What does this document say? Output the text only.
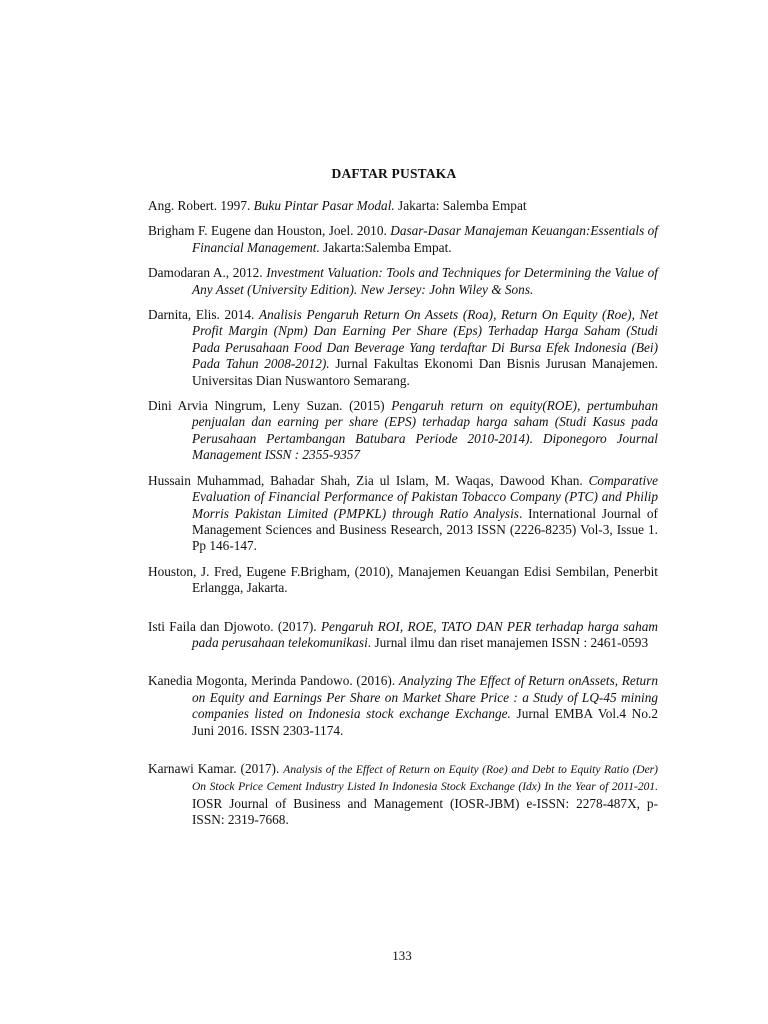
DAFTAR PUSTAKA

Ang. Robert. 1997. Buku Pintar Pasar Modal. Jakarta: Salemba Empat

Brigham F. Eugene dan Houston, Joel. 2010. Dasar-Dasar Manajeman Keuangan:Essentials of Financial Management. Jakarta:Salemba Empat.

Damodaran A., 2012. Investment Valuation: Tools and Techniques for Determining the Value of Any Asset (University Edition). New Jersey: John Wiley & Sons.

Darnita, Elis. 2014. Analisis Pengaruh Return On Assets (Roa), Return On Equity (Roe), Net Profit Margin (Npm) Dan Earning Per Share (Eps) Terhadap Harga Saham (Studi Pada Perusahaan Food Dan Beverage Yang terdaftar Di Bursa Efek Indonesia (Bei) Pada Tahun 2008-2012). Jurnal Fakultas Ekonomi Dan Bisnis Jurusan Manajemen. Universitas Dian Nuswantoro Semarang.

Dini Arvia Ningrum, Leny Suzan. (2015) Pengaruh return on equity(ROE), pertumbuhan penjualan dan earning per share (EPS) terhadap harga saham (Studi Kasus pada Perusahaan Pertambangan Batubara Periode 2010-2014). Diponegoro Journal Management ISSN : 2355-9357

Hussain Muhammad, Bahadar Shah, Zia ul Islam, M. Waqas, Dawood Khan. Comparative Evaluation of Financial Performance of Pakistan Tobacco Company (PTC) and Philip Morris Pakistan Limited (PMPKL) through Ratio Analysis. International Journal of Management Sciences and Business Research, 2013 ISSN (2226-8235) Vol-3, Issue 1. Pp 146-147.

Houston, J. Fred, Eugene F.Brigham, (2010), Manajemen Keuangan Edisi Sembilan, Penerbit Erlangga, Jakarta.

Isti Faila dan Djowoto. (2017). Pengaruh ROI, ROE, TATO DAN PER terhadap harga saham pada perusahaan telekomunikasi. Jurnal ilmu dan riset manajemen ISSN : 2461-0593

Kanedia Mogonta, Merinda Pandowo. (2016). Analyzing The Effect of Return onAssets, Return on Equity and Earnings Per Share on Market Share Price : a Study of LQ-45 mining companies listed on Indonesia stock exchange Exchange. Jurnal EMBA Vol.4 No.2 Juni 2016. ISSN 2303-1174.

Karnawi Kamar. (2017). Analysis of the Effect of Return on Equity (Roe) and Debt to Equity Ratio (Der) On Stock Price Cement Industry Listed In Indonesia Stock Exchange (Idx) In the Year of 2011-201. IOSR Journal of Business and Management (IOSR-JBM) e-ISSN: 2278-487X, p-ISSN: 2319-7668.

133
